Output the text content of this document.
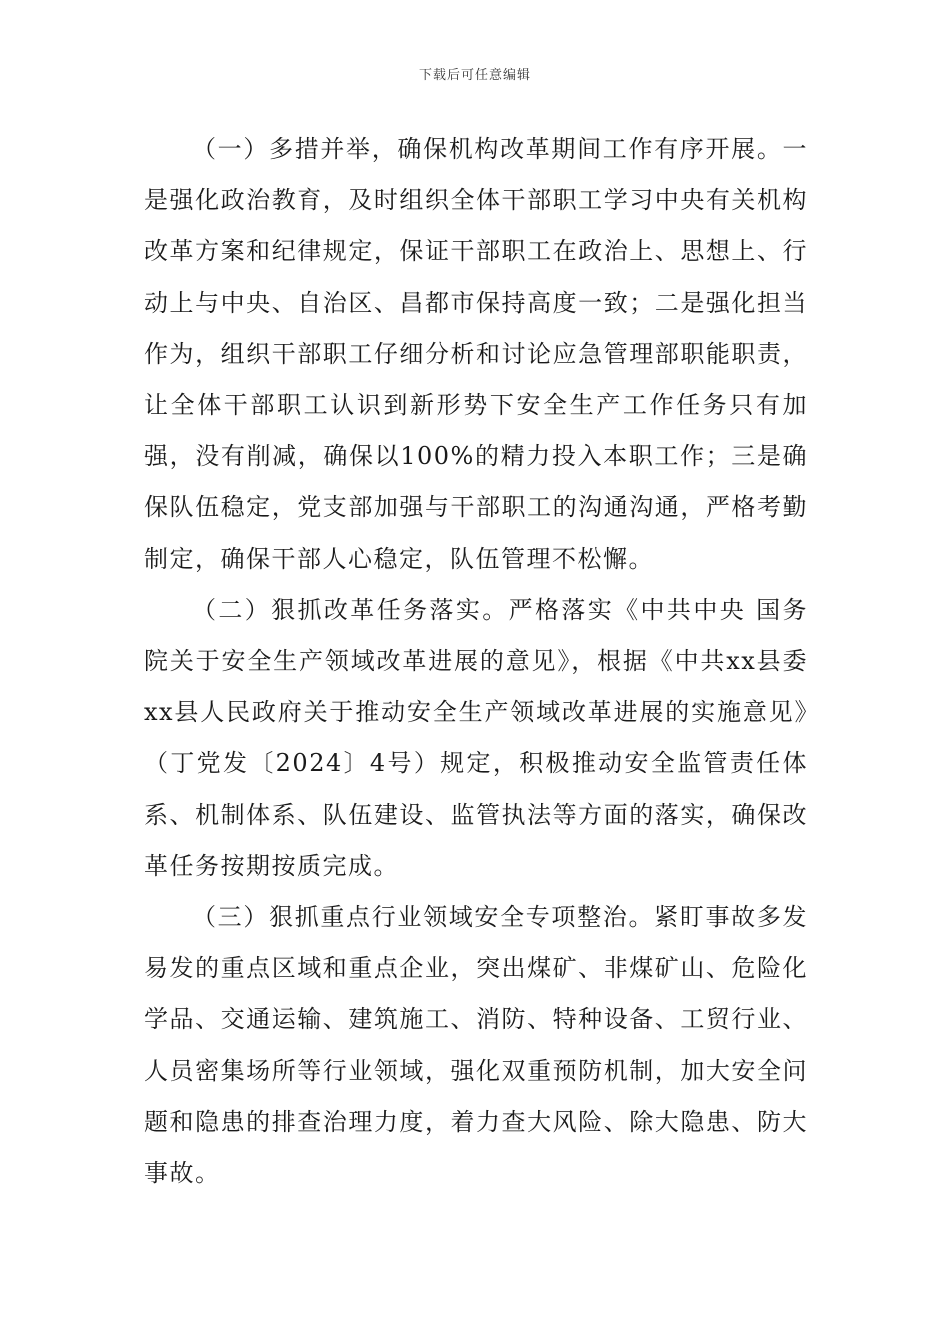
下载后可任意编辑

（一）多措并举，确保机构改革期间工作有序开展。一是强化政治教育，及时组织全体干部职工学习中央有关机构改革方案和纪律规定，保证干部职工在政治上、思想上、行动上与中央、自治区、昌都市保持高度一致；二是强化担当作为，组织干部职工仔细分析和讨论应急管理部职能职责，让全体干部职工认识到新形势下安全生产工作任务只有加强，没有削减，确保以100%的精力投入本职工作；三是确保队伍稳定，党支部加强与干部职工的沟通沟通，严格考勤制定，确保干部人心稳定，队伍管理不松懈。

（二）狠抓改革任务落实。严格落实《中共中央 国务院关于安全生产领域改革进展的意见》，根据《中共xx县委xx县人民政府关于推动安全生产领域改革进展的实施意见》（丁党发〔2024〕4号）规定，积极推动安全监管责任体系、机制体系、队伍建设、监管执法等方面的落实，确保改革任务按期按质完成。

（三）狠抓重点行业领域安全专项整治。紧盯事故多发易发的重点区域和重点企业，突出煤矿、非煤矿山、危险化学品、交通运输、建筑施工、消防、特种设备、工贸行业、人员密集场所等行业领域，强化双重预防机制，加大安全问题和隐患的排查治理力度，着力查大风险、除大隐患、防大事故。
